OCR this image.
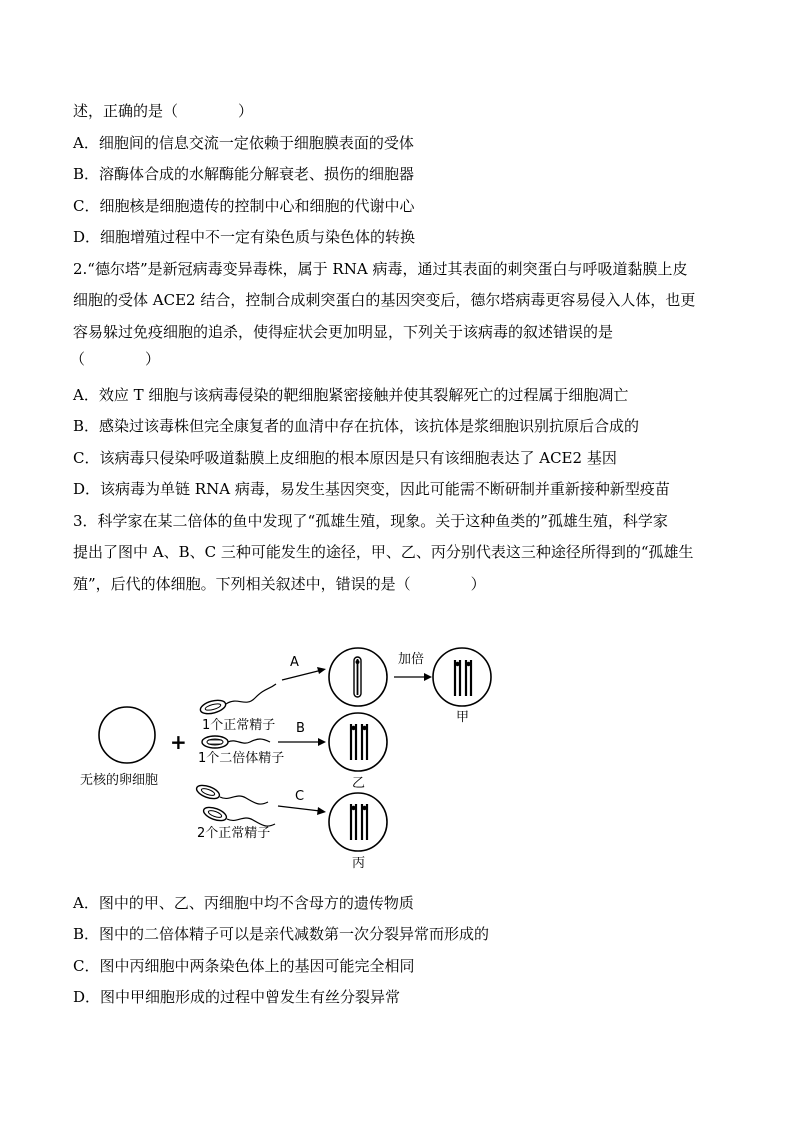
述，正确的是（　　　　）
A．细胞间的信息交流一定依赖于细胞膜表面的受体
B．溶酶体合成的水解酶能分解衰老、损伤的细胞器
C．细胞核是细胞遗传的控制中心和细胞的代谢中心
D．细胞增殖过程中不一定有染色质与染色体的转换
2.“德尔塔”是新冠病毒变异毒株，属于 RNA 病毒，通过其表面的刺突蛋白与呼吸道黏膜上皮
细胞的受体 ACE2 结合，控制合成刺突蛋白的基因突变后，德尔塔病毒更容易侵入人体，也更
容易躲过免疫细胞的追杀，使得症状会更加明显，下列关于该病毒的叙述错误的是
（　　　　）
A．效应 T 细胞与该病毒侵染的靶细胞紧密接触并使其裂解死亡的过程属于细胞凋亡
B．感染过该毒株但完全康复者的血清中存在抗体，该抗体是浆细胞识别抗原后合成的
C．该病毒只侵染呼吸道黏膜上皮细胞的根本原因是只有该细胞表达了 ACE2 基因
D．该病毒为单链 RNA 病毒，易发生基因突变，因此可能需不断研制并重新接种新型疫苗
3．科学家在某二倍体的鱼中发现了“孤雄生殖，现象。关于这种鱼类的”孤雄生殖，科学家
提出了图中 A、B、C 三种可能发生的途径，甲、乙、丙分别代表这三种途径所得到的“孤雄生
殖”，后代的体细胞。下列相关叙述中，错误的是（　　　　）
无核的卵细胞
+
1个正常精子
1个二倍体精子
2个正常精子
A
B
C
加倍
甲
乙
丙
A．图中的甲、乙、丙细胞中均不含母方的遗传物质
B．图中的二倍体精子可以是亲代减数第一次分裂异常而形成的
C．图中丙细胞中两条染色体上的基因可能完全相同
D．图中甲细胞形成的过程中曾发生有丝分裂异常
